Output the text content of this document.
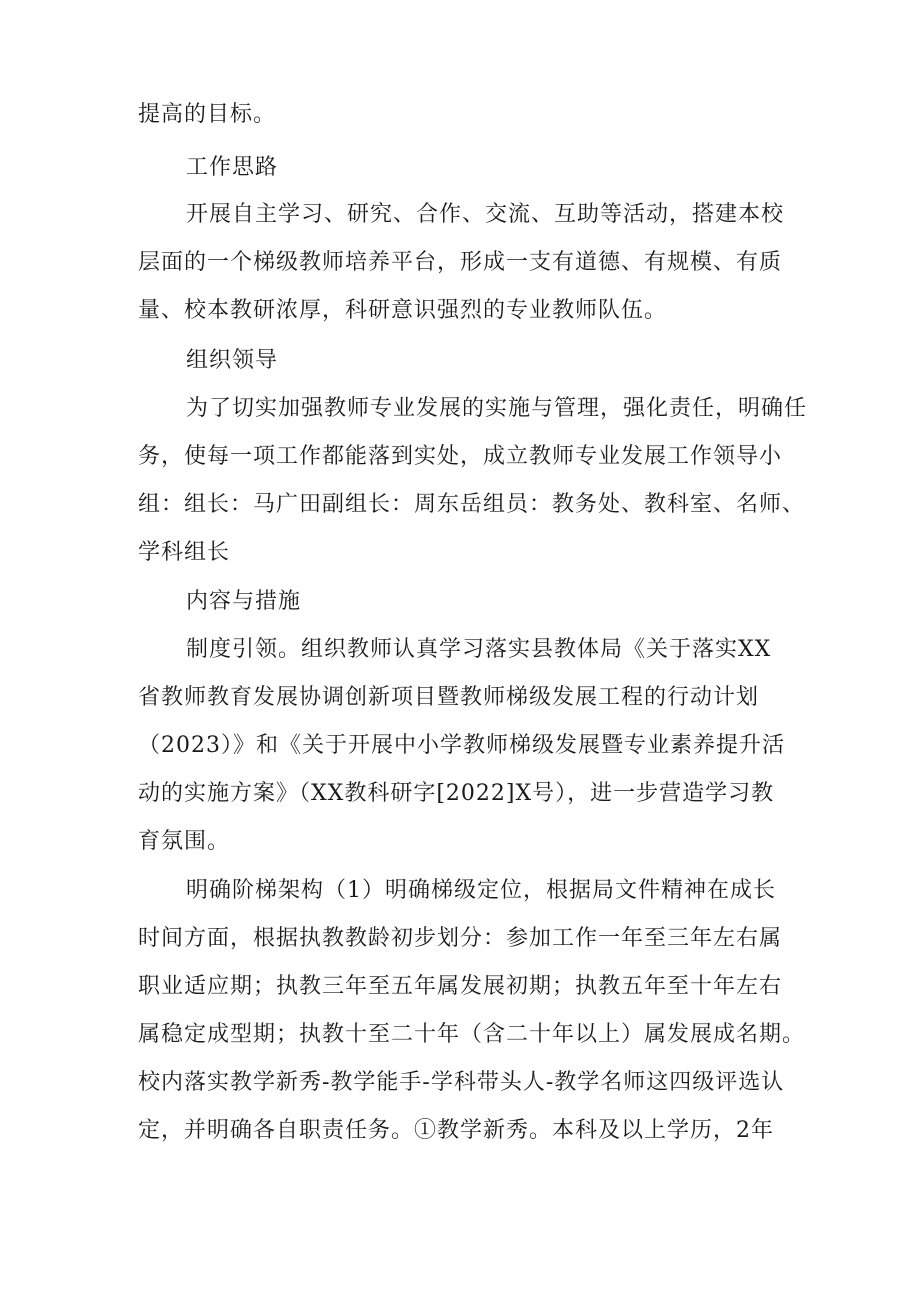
提高的目标。
工作思路
开展自主学习、研究、合作、交流、互助等活动，搭建本校
层面的一个梯级教师培养平台，形成一支有道德、有规模、有质
量、校本教研浓厚，科研意识强烈的专业教师队伍。
组织领导
为了切实加强教师专业发展的实施与管理，强化责任，明确任
务，使每一项工作都能落到实处，成立教师专业发展工作领导小
组：组长：马广田副组长：周东岳组员：教务处、教科室、名师、
学科组长
内容与措施
制度引领。组织教师认真学习落实县教体局《关于落实XX
省教师教育发展协调创新项目暨教师梯级发展工程的行动计划
（2023）》和《关于开展中小学教师梯级发展暨专业素养提升活
动的实施方案》（XX教科研字[2022]X号），进一步营造学习教
育氛围。
明确阶梯架构（1）明确梯级定位，根据局文件精神在成长
时间方面，根据执教教龄初步划分：参加工作一年至三年左右属
职业适应期；执教三年至五年属发展初期；执教五年至十年左右
属稳定成型期；执教十至二十年（含二十年以上）属发展成名期。
校内落实教学新秀-教学能手-学科带头人-教学名师这四级评选认
定，并明确各自职责任务。①教学新秀。本科及以上学历，2年
